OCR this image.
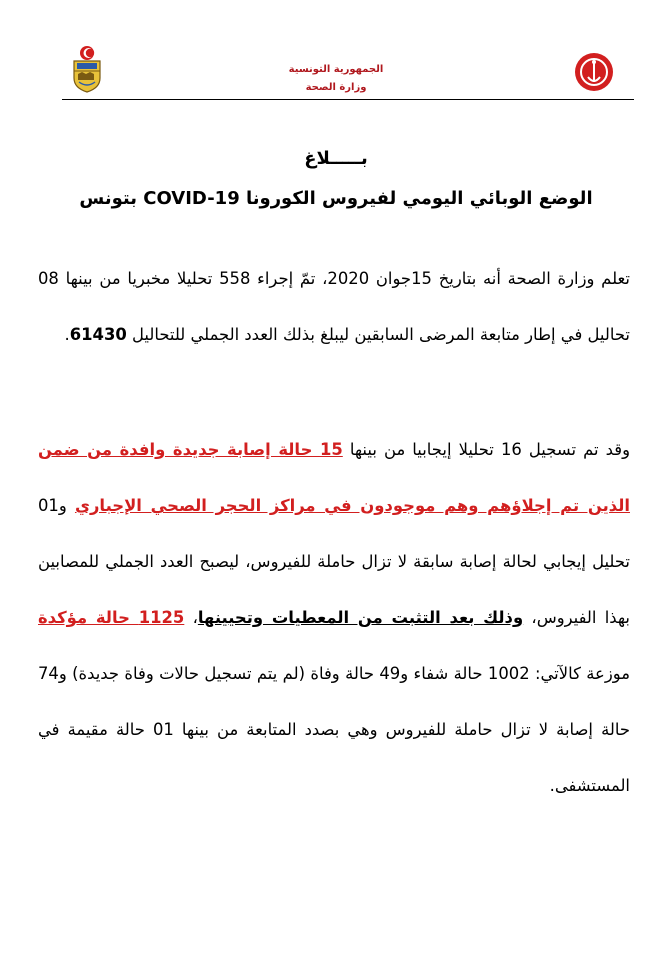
الجمهورية التونسية
وزارة الصحة
بـــــلاغ
الوضع الوبائي اليومي لفيروس الكورونا COVID-19 بتونس
تعلم وزارة الصحة أنه بتاريخ 15جوان 2020، تمّ إجراء 558 تحليلا مخبريا من بينها 08 تحاليل في إطار متابعة المرضى السابقين ليبلغ بذلك العدد الجملي للتحاليل 61430.
وقد تم تسجيل 16 تحليلا إيجابيا من بينها 15 حالة إصابة جديدة وافدة من ضمن الذين تم إجلاؤهم وهم موجودون في مراكز الحجر الصحي الإجباري و01 تحليل إيجابي لحالة إصابة سابقة لا تزال حاملة للفيروس، ليصبح العدد الجملي للمصابين بهذا الفيروس، وذلك بعد التثبت من المعطيات وتحيينها، 1125 حالة مؤكدة موزعة كالآتي: 1002 حالة شفاء و49 حالة وفاة (لم يتم تسجيل حالات وفاة جديدة) و74 حالة إصابة لا تزال حاملة للفيروس وهي بصدد المتابعة من بينها 01 حالة مقيمة في المستشفى.
